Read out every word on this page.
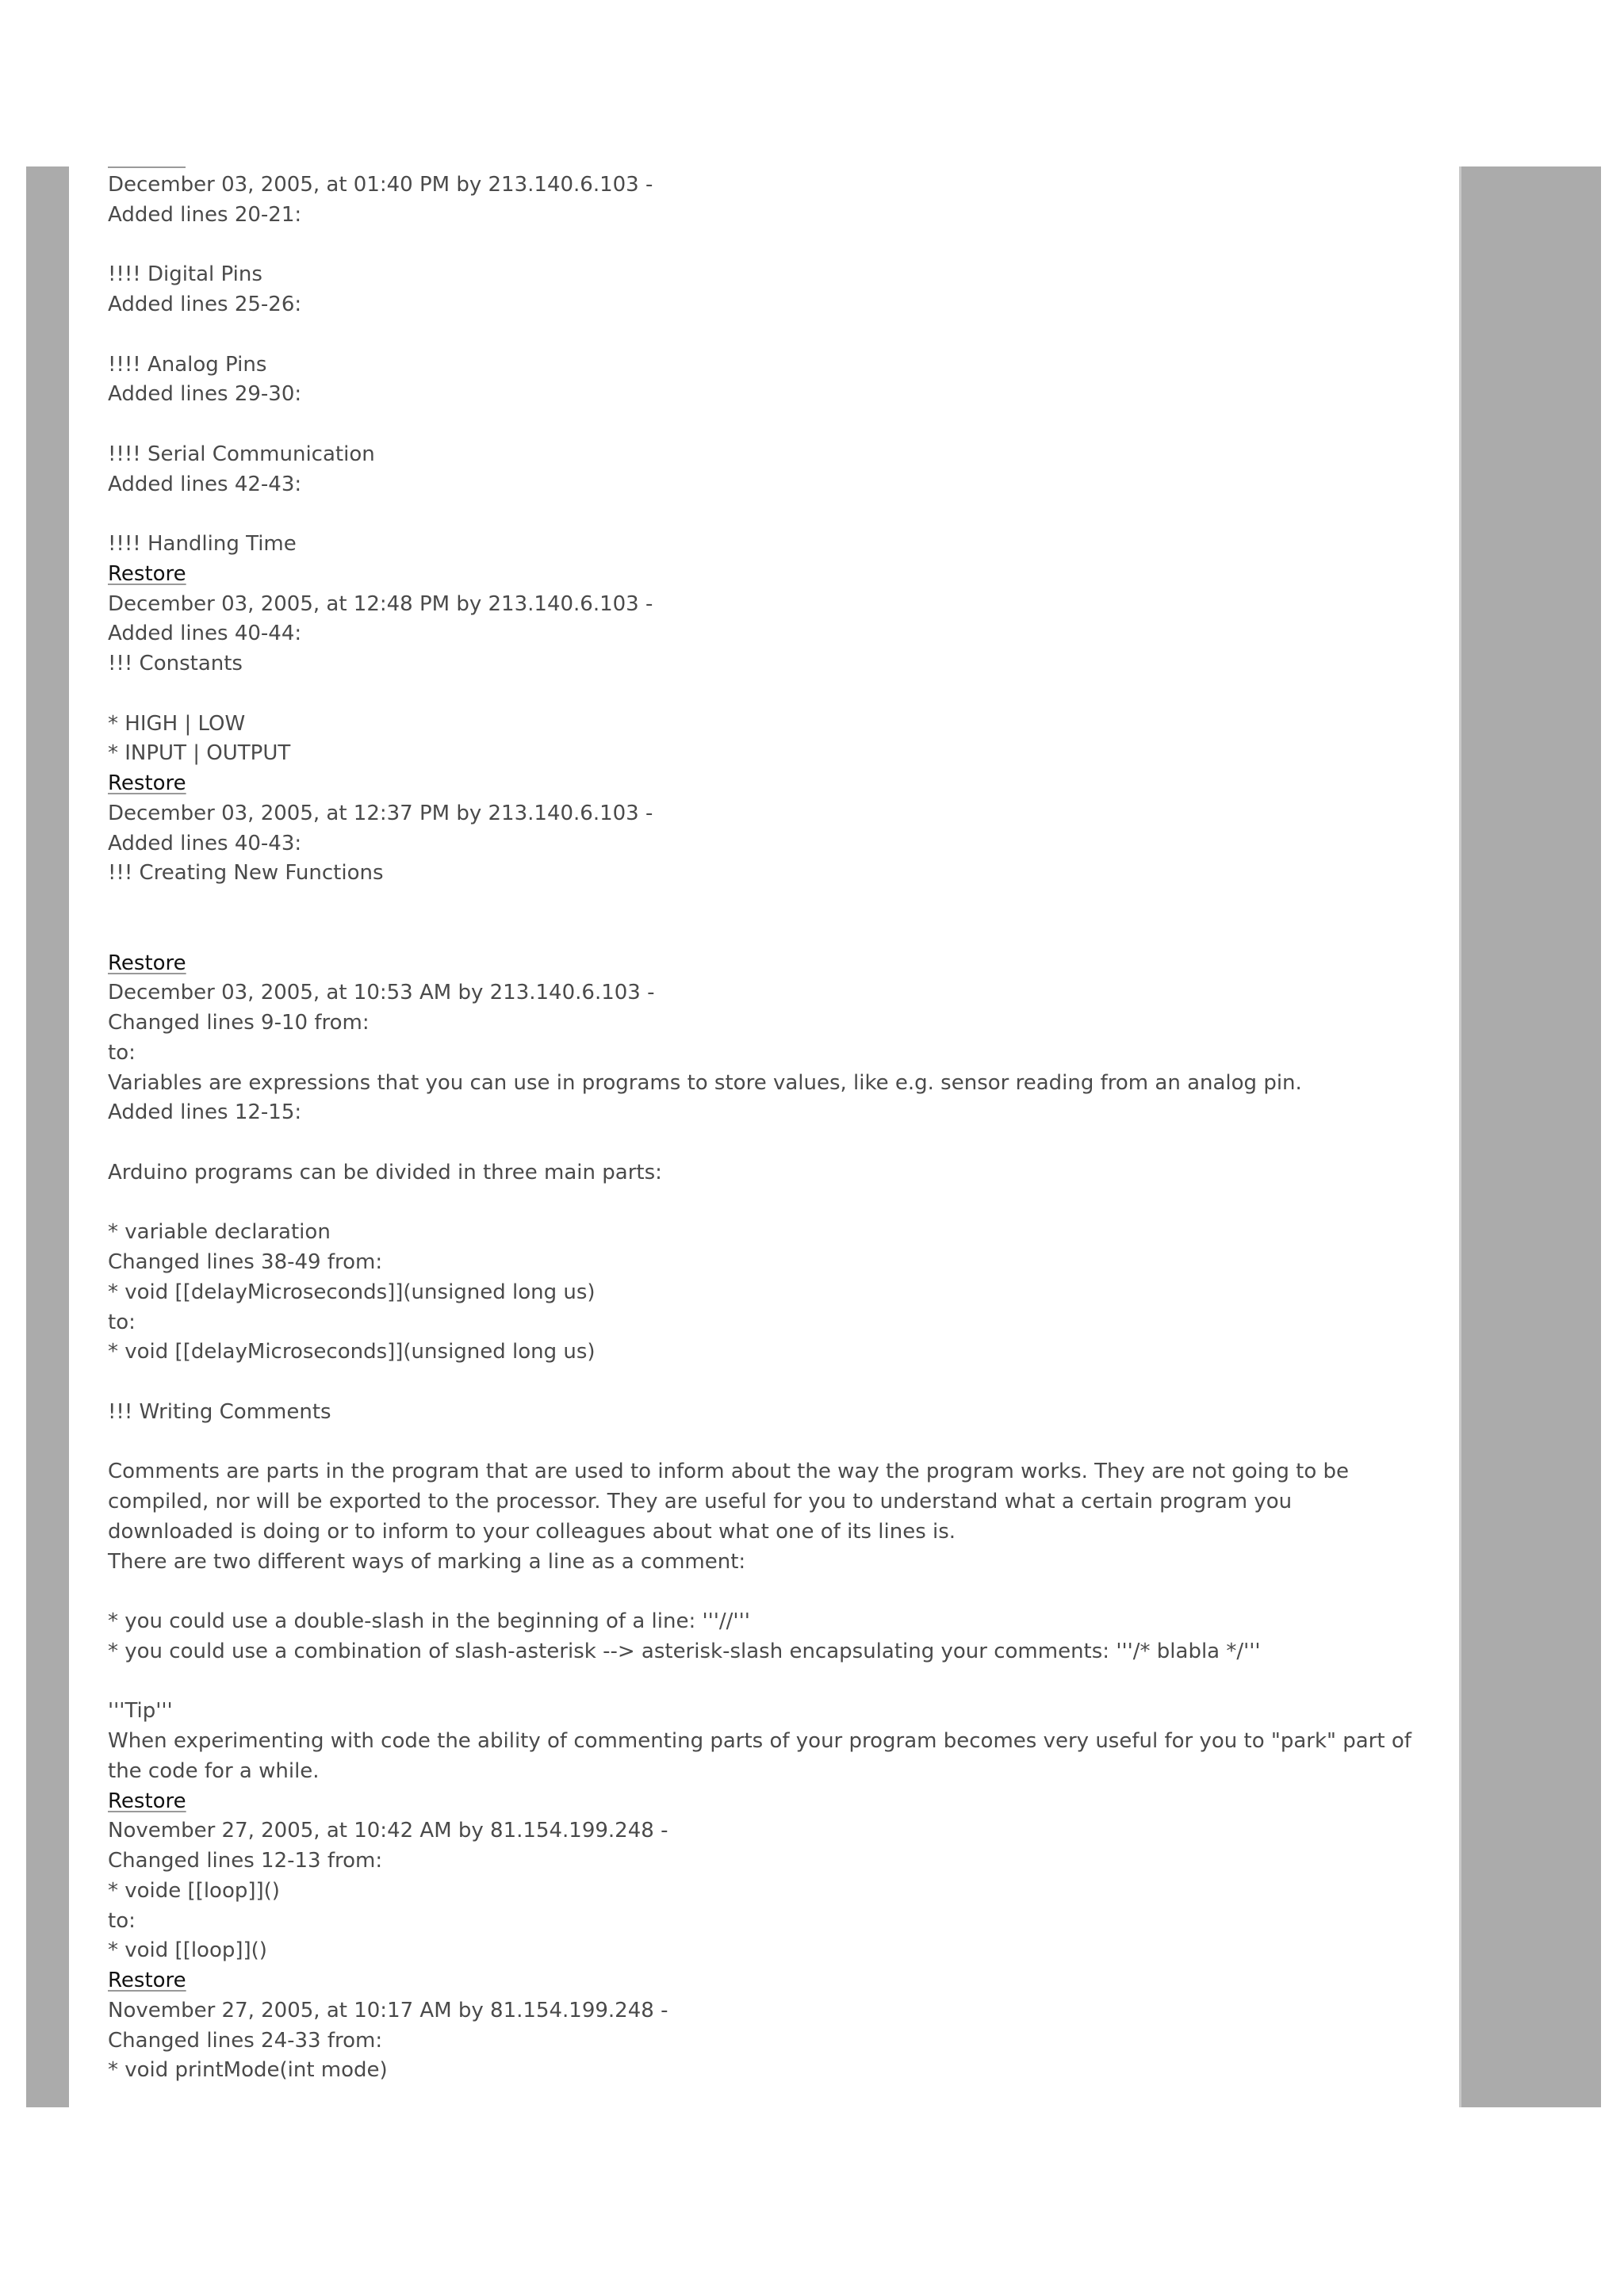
December 03, 2005, at 01:40 PM by 213.140.6.103 -
Added lines 20-21:
!!!! Digital Pins
Added lines 25-26:
!!!! Analog Pins
Added lines 29-30:
!!!! Serial Communication
Added lines 42-43:
!!!! Handling Time
Restore
December 03, 2005, at 12:48 PM by 213.140.6.103 -
Added lines 40-44:
!!! Constants
* HIGH | LOW
* INPUT | OUTPUT
Restore
December 03, 2005, at 12:37 PM by 213.140.6.103 -
Added lines 40-43:
!!! Creating New Functions
Restore
December 03, 2005, at 10:53 AM by 213.140.6.103 -
Changed lines 9-10 from:
to:
Variables are expressions that you can use in programs to store values, like e.g. sensor reading from an analog pin.
Added lines 12-15:
Arduino programs can be divided in three main parts:
* variable declaration
Changed lines 38-49 from:
* void [[delayMicroseconds]](unsigned long us)
to:
* void [[delayMicroseconds]](unsigned long us)
!!! Writing Comments
Comments are parts in the program that are used to inform about the way the program works. They are not going to be
compiled, nor will be exported to the processor. They are useful for you to understand what a certain program you
downloaded is doing or to inform to your colleagues about what one of its lines is.
There are two different ways of marking a line as a comment:
* you could use a double-slash in the beginning of a line: '''//'''
* you could use a combination of slash-asterisk --> asterisk-slash encapsulating your comments: '''/* blabla */'''
'''Tip'''
When experimenting with code the ability of commenting parts of your program becomes very useful for you to "park" part of
the code for a while.
Restore
November 27, 2005, at 10:42 AM by 81.154.199.248 -
Changed lines 12-13 from:
* voide [[loop]]()
to:
* void [[loop]]()
Restore
November 27, 2005, at 10:17 AM by 81.154.199.248 -
Changed lines 24-33 from:
* void printMode(int mode)
